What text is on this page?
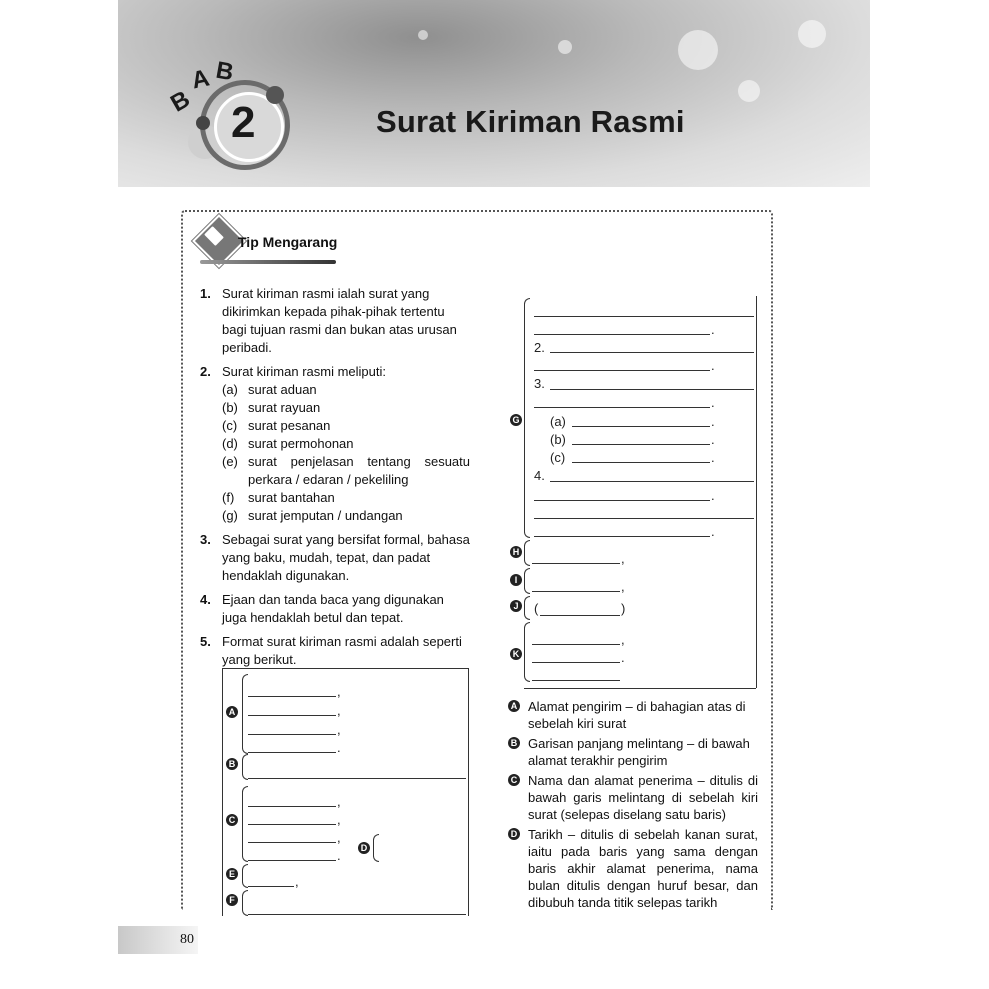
2
B
A B
Surat Kiriman Rasmi
Tip Mengarang
1. Surat kiriman rasmi ialah surat yang dikirimkan kepada pihak-pihak tertentu bagi tujuan rasmi dan bukan atas urusan peribadi.
2. Surat kiriman rasmi meliputi:
(a) surat aduan
(b) surat rayuan
(c) surat pesanan
(d) surat permohonan
(e) surat penjelasan tentang sesuatu perkara / edaran / pekeliling
(f) surat bantahan
(g) surat jemputan / undangan
3. Sebagai surat yang bersifat formal, bahasa yang baku, mudah, tepat, dan padat hendaklah digunakan.
4. Ejaan dan tanda baca yang digunakan juga hendaklah betul dan tepat.
5. Format surat kiriman rasmi adalah seperti yang berikut.
A
,
,
,
.
B
C
,
,
,
.	D
E	,
F
G
.
2.
.
3.
.
(a)	.
(b)	.
(c)	.
4.
.
.
H	,
I	,
J (	)
K
,
.
A Alamat pengirim – di bahagian atas di sebelah kiri surat
B Garisan panjang melintang – di bawah alamat terakhir pengirim
C Nama dan alamat penerima – ditulis di bawah garis melintang di sebelah kiri surat (selepas diselang satu baris)
D Tarikh – ditulis di sebelah kanan surat, iaitu pada baris yang sama dengan baris akhir alamat penerima, nama bulan ditulis dengan huruf besar, dan dibubuh tanda titik selepas tarikh
80
